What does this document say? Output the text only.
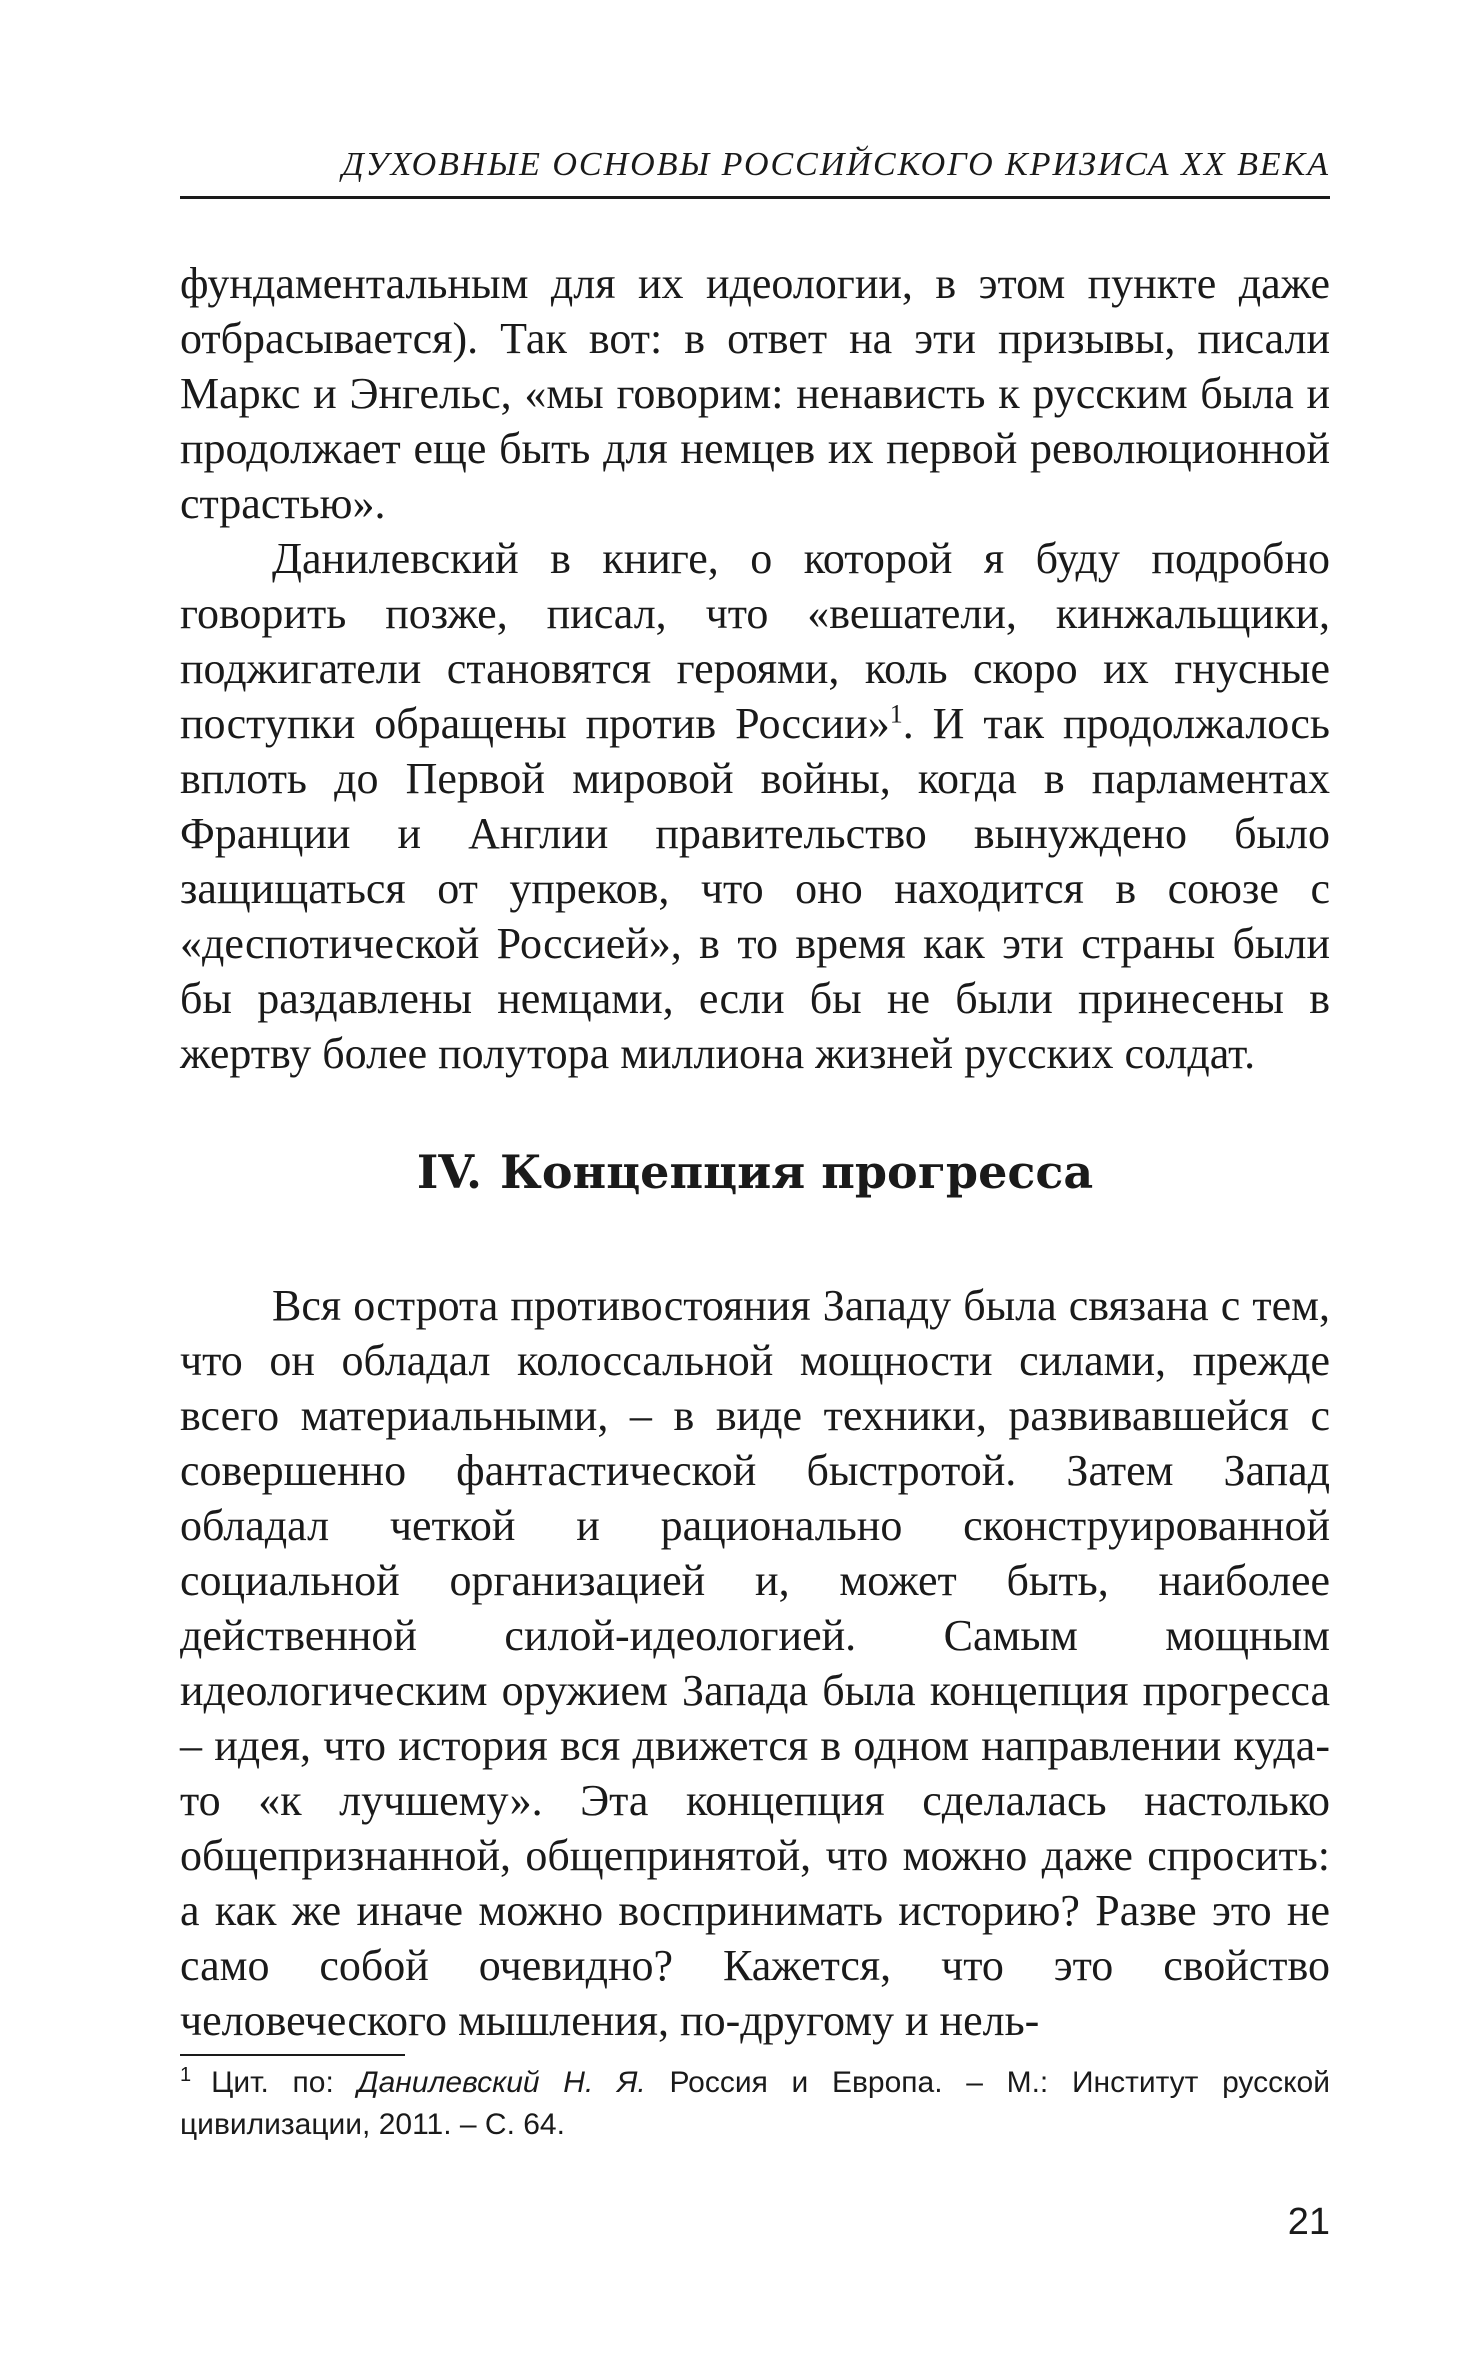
ДУХОВНЫЕ ОСНОВЫ РОССИЙСКОГО КРИЗИСА XX ВЕКА

фундаментальным для их идеологии, в этом пункте даже отбрасывается). Так вот: в ответ на эти призывы, писали Маркс и Энгельс, «мы говорим: ненависть к русским была и продолжает еще быть для немцев их первой революционной страстью».

Данилевский в книге, о которой я буду подробно говорить позже, писал, что «вешатели, кинжальщики, поджигатели становятся героями, коль скоро их гнусные поступки обращены против России»$^1$. И так продолжалось вплоть до Первой мировой войны, когда в парламентах Франции и Англии правительство вынуждено было защищаться от упреков, что оно находится в союзе с «деспотической Россией», в то время как эти страны были бы раздавлены немцами, если бы не были принесены в жертву более полутора миллиона жизней русских солдат.

IV. Концепция прогресса

Вся острота противостояния Западу была связана с тем, что он обладал колоссальной мощности силами, прежде всего материальными, – в виде техники, развивавшейся с совершенно фантастической быстротой. Затем Запад обладал четкой и рационально сконструированной социальной организацией и, может быть, наиболее действенной силой-идеологией. Самым мощным идеологическим оружием Запада была концепция прогресса – идея, что история вся движется в одном направлении куда-то «к лучшему». Эта концепция сделалась настолько общепризнанной, общепринятой, что можно даже спросить: а как же иначе можно воспринимать историю? Разве это не само собой очевидно? Кажется, что это свойство человеческого мышления, по-другому и нель-

$^1$ Цит. по: Данилевский Н. Я. Россия и Европа. – М.: Институт русской цивилизации, 2011. – С. 64.
21
